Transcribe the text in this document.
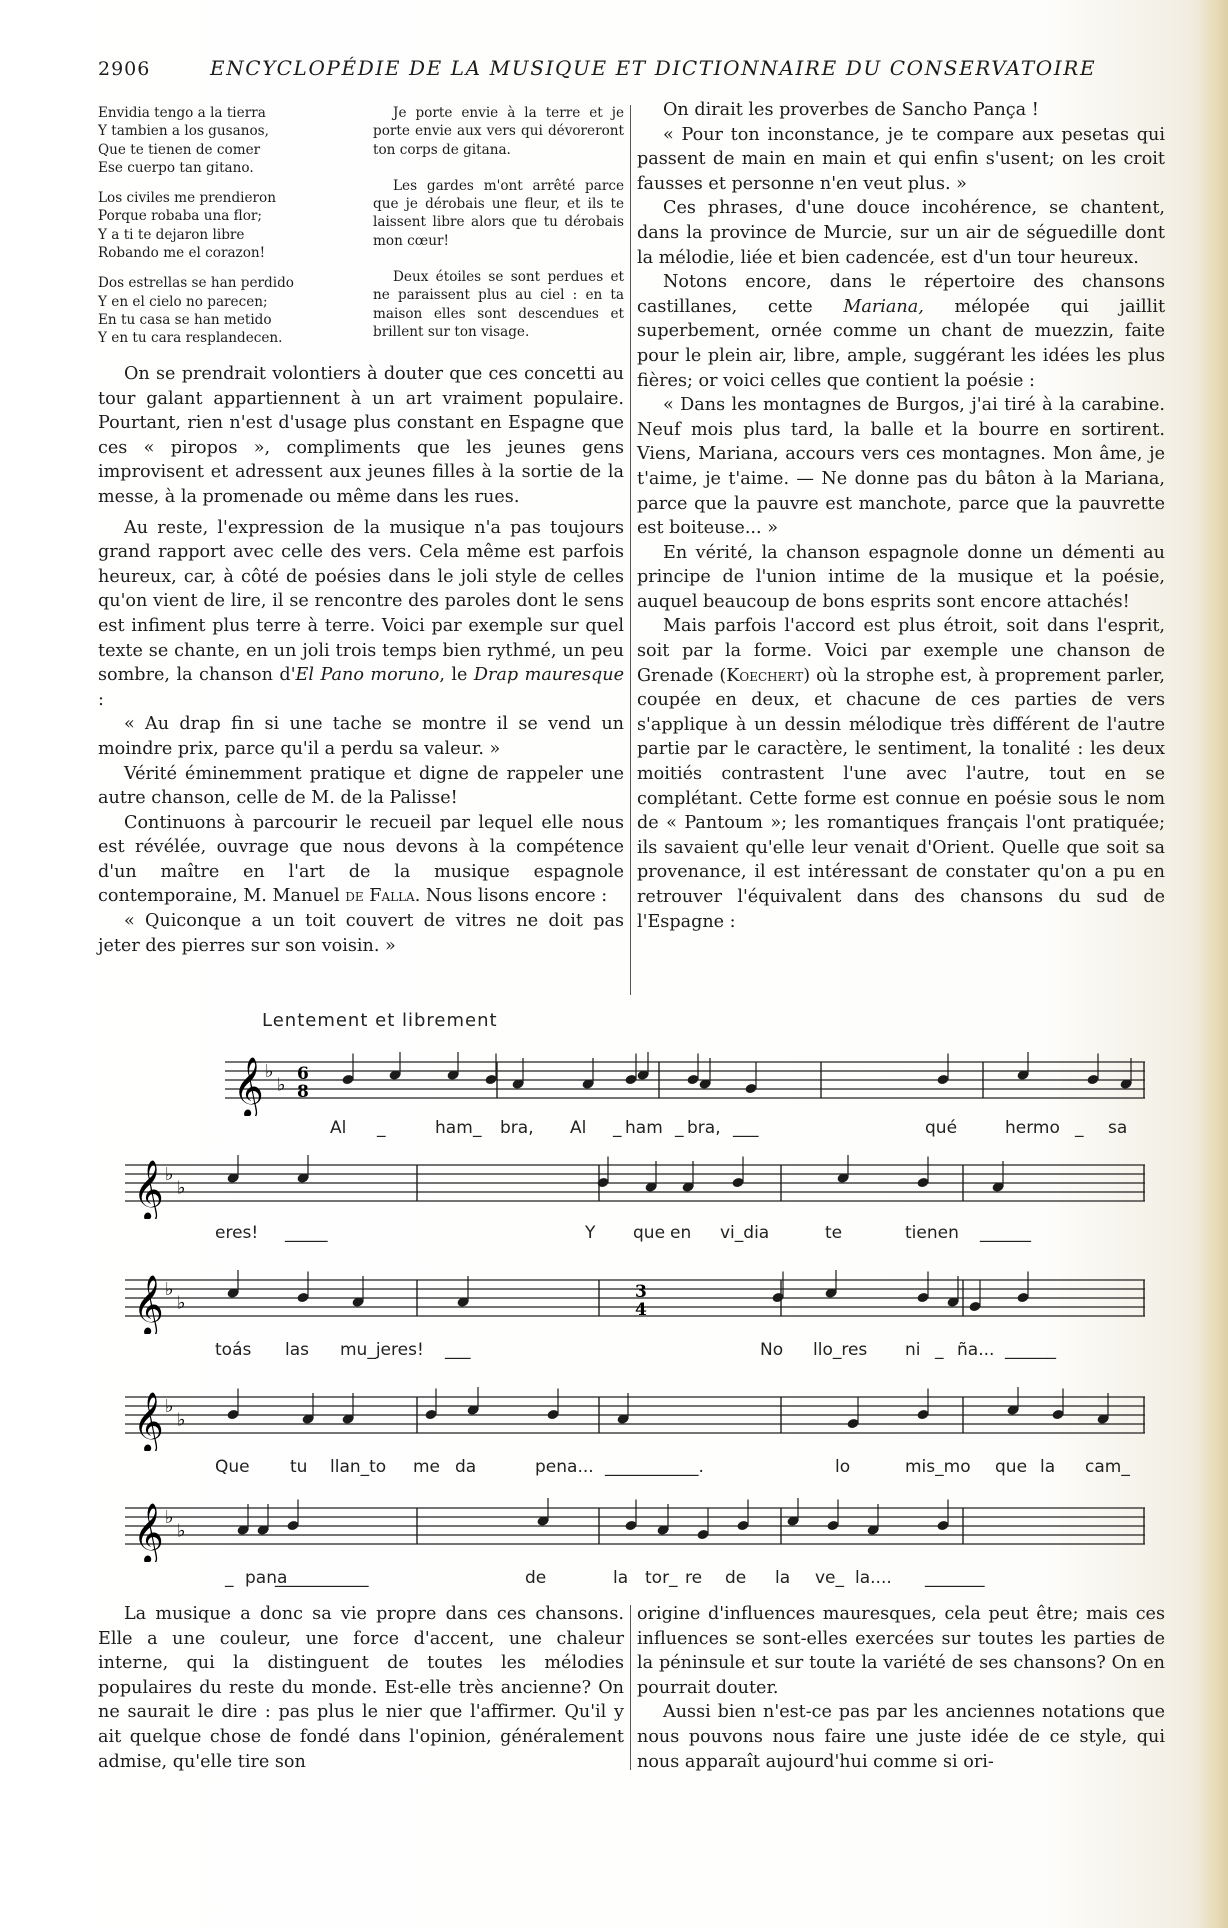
2906	ENCYCLOPÉDIE DE LA MUSIQUE ET DICTIONNAIRE DU CONSERVATOIRE
Envidia tengo a la tierra
Y tambien a los gusanos,
Que te tienen de comer
Ese cuerpo tan gitano.
Los civiles me prendieron
Porque robaba una flor;
Y a ti te dejaron libre
Robando me el corazon!
Dos estrellas se han perdido
Y en el cielo no parecen;
En tu casa se han metido
Y en tu cara resplandecen.
Je porte envie à la terre et je porte envie aux vers qui dévoreront ton corps de gitana.
Les gardes m'ont arrêté parce que je dérobais une fleur, et ils te laissent libre alors que tu dérobais mon cœur!
Deux étoiles se sont perdues et ne paraissent plus au ciel : en ta maison elles sont descendues et brillent sur ton visage.

On se prendrait volontiers à douter que ces concetti au tour galant appartiennent à un art vraiment populaire. Pourtant, rien n'est d'usage plus constant en Espagne que ces « piropos », compliments que les jeunes gens improvisent et adressent aux jeunes filles à la sortie de la messe, à la promenade ou même dans les rues.

Au reste, l'expression de la musique n'a pas toujours grand rapport avec celle des vers. Cela même est parfois heureux, car, à côté de poésies dans le joli style de celles qu'on vient de lire, il se rencontre des paroles dont le sens est infiment plus terre à terre. Voici par exemple sur quel texte se chante, en un joli trois temps bien rythmé, un peu sombre, la chanson d'El Pano moruno, le Drap mauresque :

« Au drap fin si une tache se montre il se vend un moindre prix, parce qu'il a perdu sa valeur. »

Vérité éminemment pratique et digne de rappeler une autre chanson, celle de M. de la Palisse!

Continuons à parcourir le recueil par lequel elle nous est révélée, ouvrage que nous devons à la compétence d'un maître en l'art de la musique espagnole contemporaine, M. Manuel de Falla. Nous lisons encore :

« Quiconque a un toit couvert de vitres ne doit pas jeter des pierres sur son voisin. »

On dirait les proverbes de Sancho Pança !

« Pour ton inconstance, je te compare aux pesetas qui passent de main en main et qui enfin s'usent; on les croit fausses et personne n'en veut plus. »

Ces phrases, d'une douce incohérence, se chantent, dans la province de Murcie, sur un air de séguedille dont la mélodie, liée et bien cadencée, est d'un tour heureux.

Notons encore, dans le répertoire des chansons castillanes, cette Mariana, mélopée qui jaillit superbement, ornée comme un chant de muezzin, faite pour le plein air, libre, ample, suggérant les idées les plus fières; or voici celles que contient la poésie :

« Dans les montagnes de Burgos, j'ai tiré à la carabine. Neuf mois plus tard, la balle et la bourre en sortirent. Viens, Mariana, accours vers ces montagnes. Mon âme, je t'aime, je t'aime. — Ne donne pas du bâton à la Mariana, parce que la pauvre est manchote, parce que la pauvrette est boiteuse... »

En vérité, la chanson espagnole donne un démenti au principe de l'union intime de la musique et la poésie, auquel beaucoup de bons esprits sont encore attachés!

Mais parfois l'accord est plus étroit, soit dans l'esprit, soit par la forme. Voici par exemple une chanson de Grenade (Koechert) où la strophe est, à proprement parler, coupée en deux, et chacune de ces parties de vers s'applique à un dessin mélodique très différent de l'autre partie par le caractère, le sentiment, la tonalité : les deux moitiés contrastent l'une avec l'autre, tout en se complétant. Cette forme est connue en poésie sous le nom de « Pantoum »; les romantiques français l'ont pratiquée; ils savaient qu'elle leur venait d'Orient. Quelle que soit sa provenance, il est intéressant de constater qu'on a pu en retrouver l'équivalent dans des chansons du sud de l'Espagne :

Lentement et librement
𝄞 ♭
♭
6
8
Al _	ham _ bra, Al _ ham _ bra, ___	qué	hermo _ sa
𝄞 ♭
♭
eres! _____	Y que en vi_dia	te	tienen ______
𝄞 ♭
♭
3
4
toás las mu_jeres! ___	No llo_res ni _ ña... ______
𝄞 ♭
♭
Que tu llan_to me da	pena... ___________.	lo	mis_mo que la cam_
𝄞 ♭
♭
_ pana
___________	de	la tor_ re de la ve_ la.... _______

La musique a donc sa vie propre dans ces chansons. Elle a une couleur, une force d'accent, une chaleur interne, qui la distinguent de toutes les mélodies populaires du reste du monde. Est-elle très ancienne? On ne saurait le dire : pas plus le nier que l'affirmer. Qu'il y ait quelque chose de fondé dans l'opinion, généralement admise, qu'elle tire son

origine d'influences mauresques, cela peut être; mais ces influences se sont-elles exercées sur toutes les parties de la péninsule et sur toute la variété de ses chansons? On en pourrait douter.

Aussi bien n'est-ce pas par les anciennes notations que nous pouvons nous faire une juste idée de ce style, qui nous apparaît aujourd'hui comme si ori-
